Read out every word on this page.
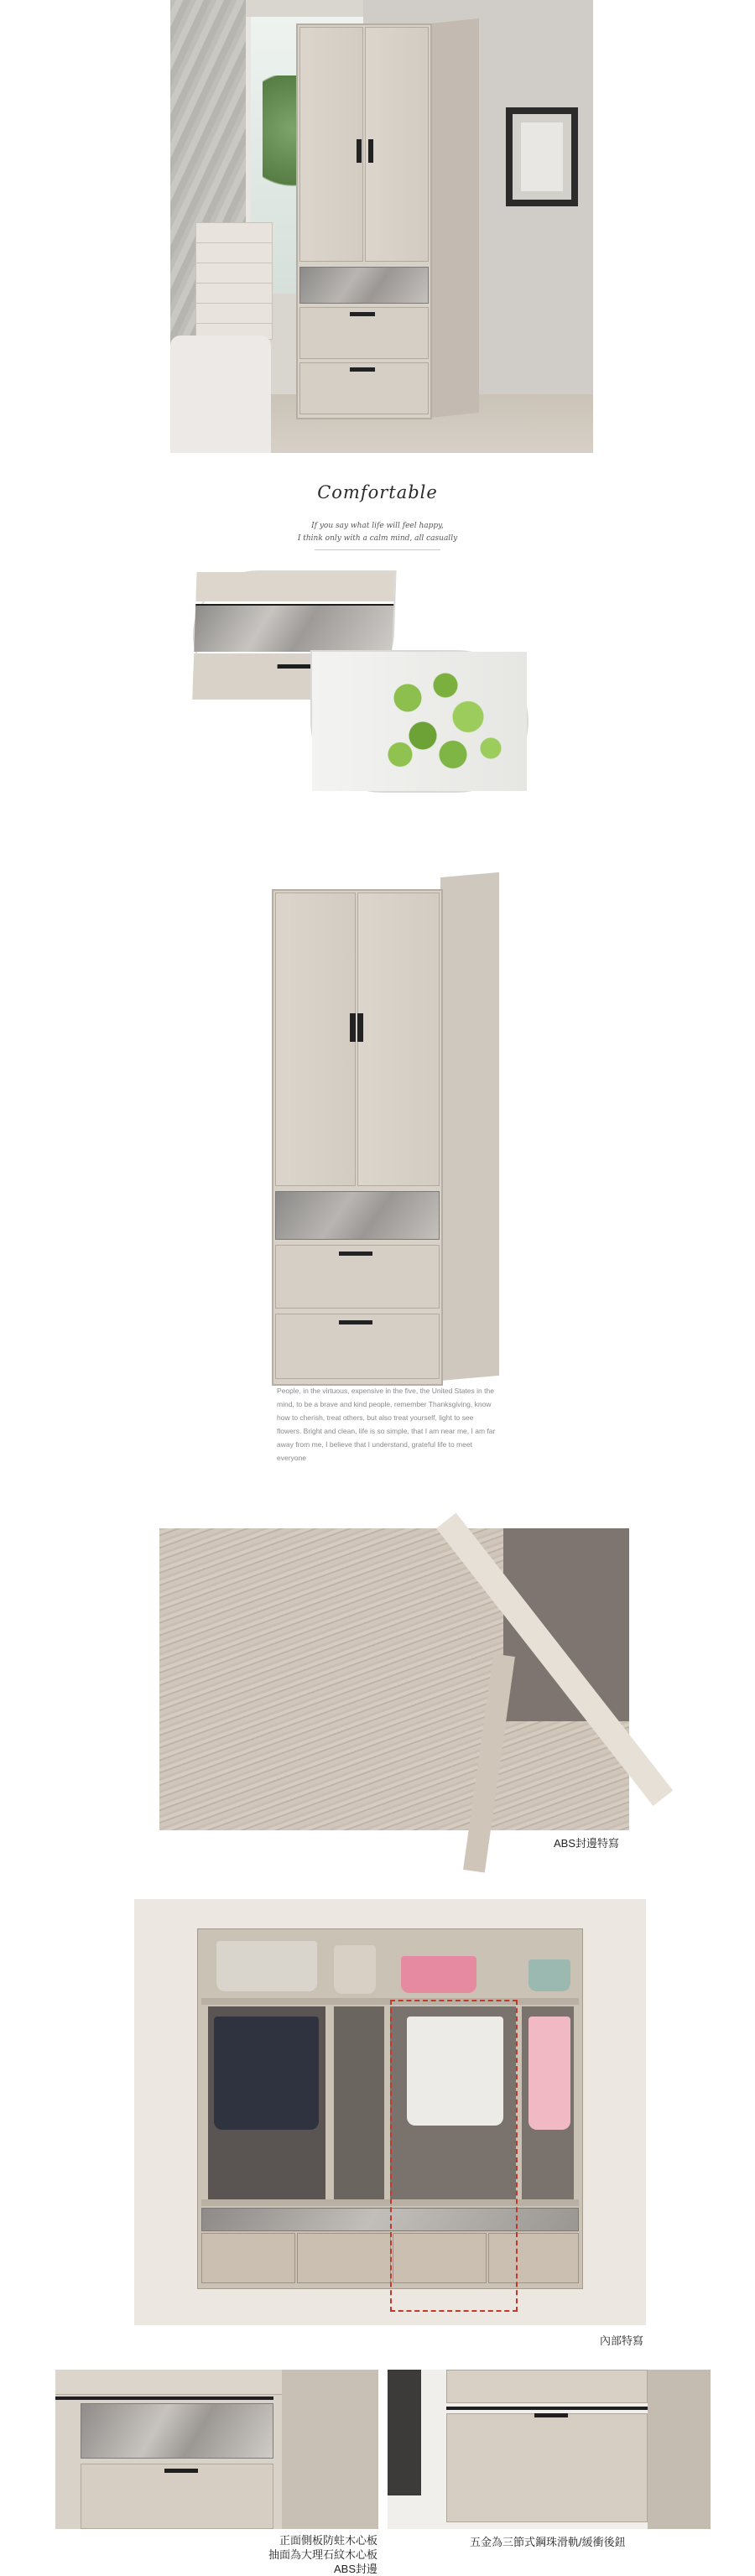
Comfortable
If you say what life will feel happy,
I think only with a calm mind, all casually
People, in the virtuous, expensive in the five, the United States in the
mind, to be a brave and kind people, remember Thanksgiving, know
how to cherish, treat others, but also treat yourself, light to see
flowers. Bright and clean, life is so simple, that I am near me, I am far
away from me, I believe that I understand, grateful life to meet
everyone
ABS封邊特寫
內部特寫
正面側板防蛀木心板
抽面為大理石紋木心板
ABS封邊
五金為三節式鋼珠滑軌/緩衝後鈕
